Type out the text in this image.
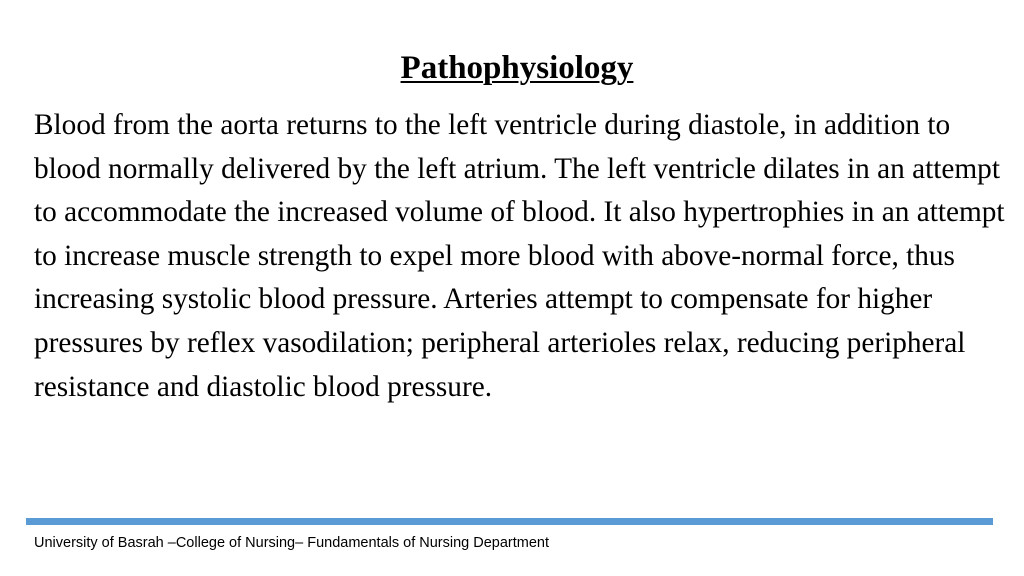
Pathophysiology

Blood from the aorta returns to the left ventricle during diastole, in addition to blood normally delivered by the left atrium. The left ventricle dilates in an attempt to accommodate the increased volume of blood. It also hypertrophies in an attempt to increase muscle strength to expel more blood with above-normal force, thus increasing systolic blood pressure. Arteries attempt to compensate for higher pressures by reflex vasodilation; peripheral arterioles relax, reducing peripheral resistance and diastolic blood pressure.

University of Basrah –College of Nursing– Fundamentals of Nursing Department
